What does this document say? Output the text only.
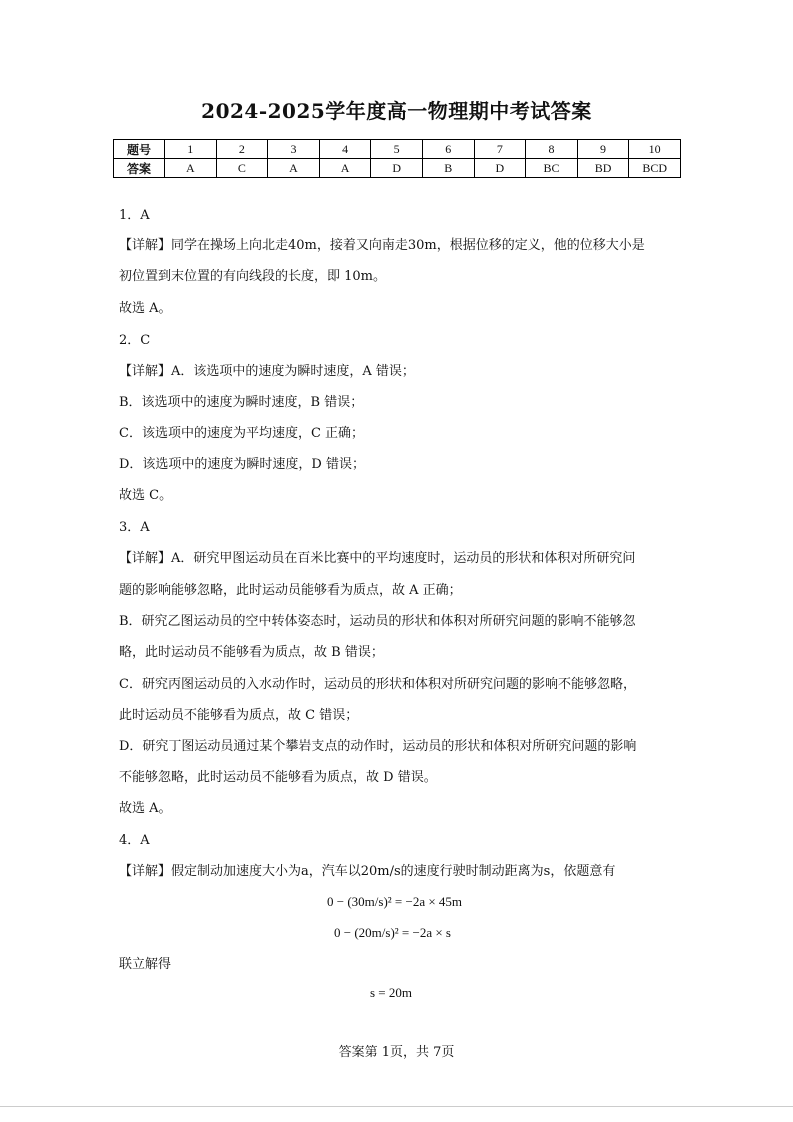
2024-2025学年度高一物理期中考试答案
题号	1	2	3	4	5	6	7	8	9	10
答案	A	C	A	A	D	B	D	BC	BD	BCD
1．A
【详解】同学在操场上向北走40m，接着又向南走30m，根据位移的定义，他的位移大小是
初位置到末位置的有向线段的长度，即 10m。
故选 A。
2．C
【详解】A．该选项中的速度为瞬时速度，A 错误；
B．该选项中的速度为瞬时速度，B 错误；
C．该选项中的速度为平均速度，C 正确；
D．该选项中的速度为瞬时速度，D 错误；
故选 C。
3．A
【详解】A．研究甲图运动员在百米比赛中的平均速度时，运动员的形状和体积对所研究问
题的影响能够忽略，此时运动员能够看为质点，故 A 正确；
B．研究乙图运动员的空中转体姿态时，运动员的形状和体积对所研究问题的影响不能够忽
略，此时运动员不能够看为质点，故 B 错误；
C．研究丙图运动员的入水动作时，运动员的形状和体积对所研究问题的影响不能够忽略，
此时运动员不能够看为质点，故 C 错误；
D．研究丁图运动员通过某个攀岩支点的动作时，运动员的形状和体积对所研究问题的影响
不能够忽略，此时运动员不能够看为质点，故 D 错误。
故选 A。
4．A
【详解】假定制动加速度大小为a，汽车以20m/s的速度行驶时制动距离为s，依题意有
0 − (30m/s)² = −2a × 45m
0 − (20m/s)² = −2a × s
联立解得
s = 20m
答案第 1页，共 7页
